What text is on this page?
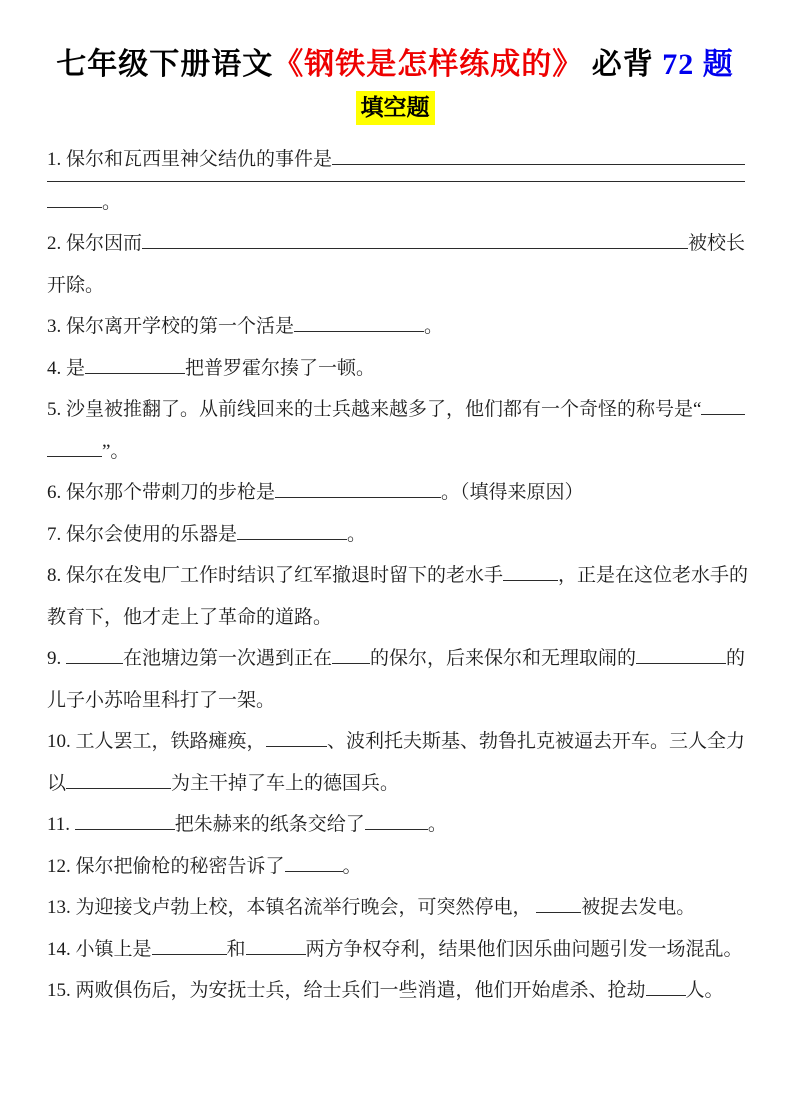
七年级下册语文《钢铁是怎样练成的》 必背 72 题
填空题
1. 保尔和瓦西里神父结仇的事件是
。
2. 保尔因而	被校长
开除。
3. 保尔离开学校的第一个活是	。
4. 是	把普罗霍尔揍了一顿。
5. 沙皇被推翻了。从前线回来的士兵越来越多了，他们都有一个奇怪的称号是“
”。
6. 保尔那个带刺刀的步枪是	。（填得来原因）
7. 保尔会使用的乐器是	。
8. 保尔在发电厂工作时结识了红军撤退时留下的老水手	，正是在这位老水手的
教育下，他才走上了革命的道路。
9.	在池塘边第一次遇到正在 的保尔，后来保尔和无理取闹的	的
儿子小苏哈里科打了一架。
10. 工人罢工，铁路瘫痪，	、波利托夫斯基、勃鲁扎克被逼去开车。三人全力
以	为主干掉了车上的德国兵。
11.	把朱赫来的纸条交给了	。
12. 保尔把偷枪的秘密告诉了	。
13. 为迎接戈卢勃上校，本镇名流举行晚会，可突然停电， 被捉去发电。
14. 小镇上是	和	两方争权夺利，结果他们因乐曲问题引发一场混乱。
15. 两败俱伤后，为安抚士兵，给士兵们一些消遣，他们开始虐杀、抢劫 人。
